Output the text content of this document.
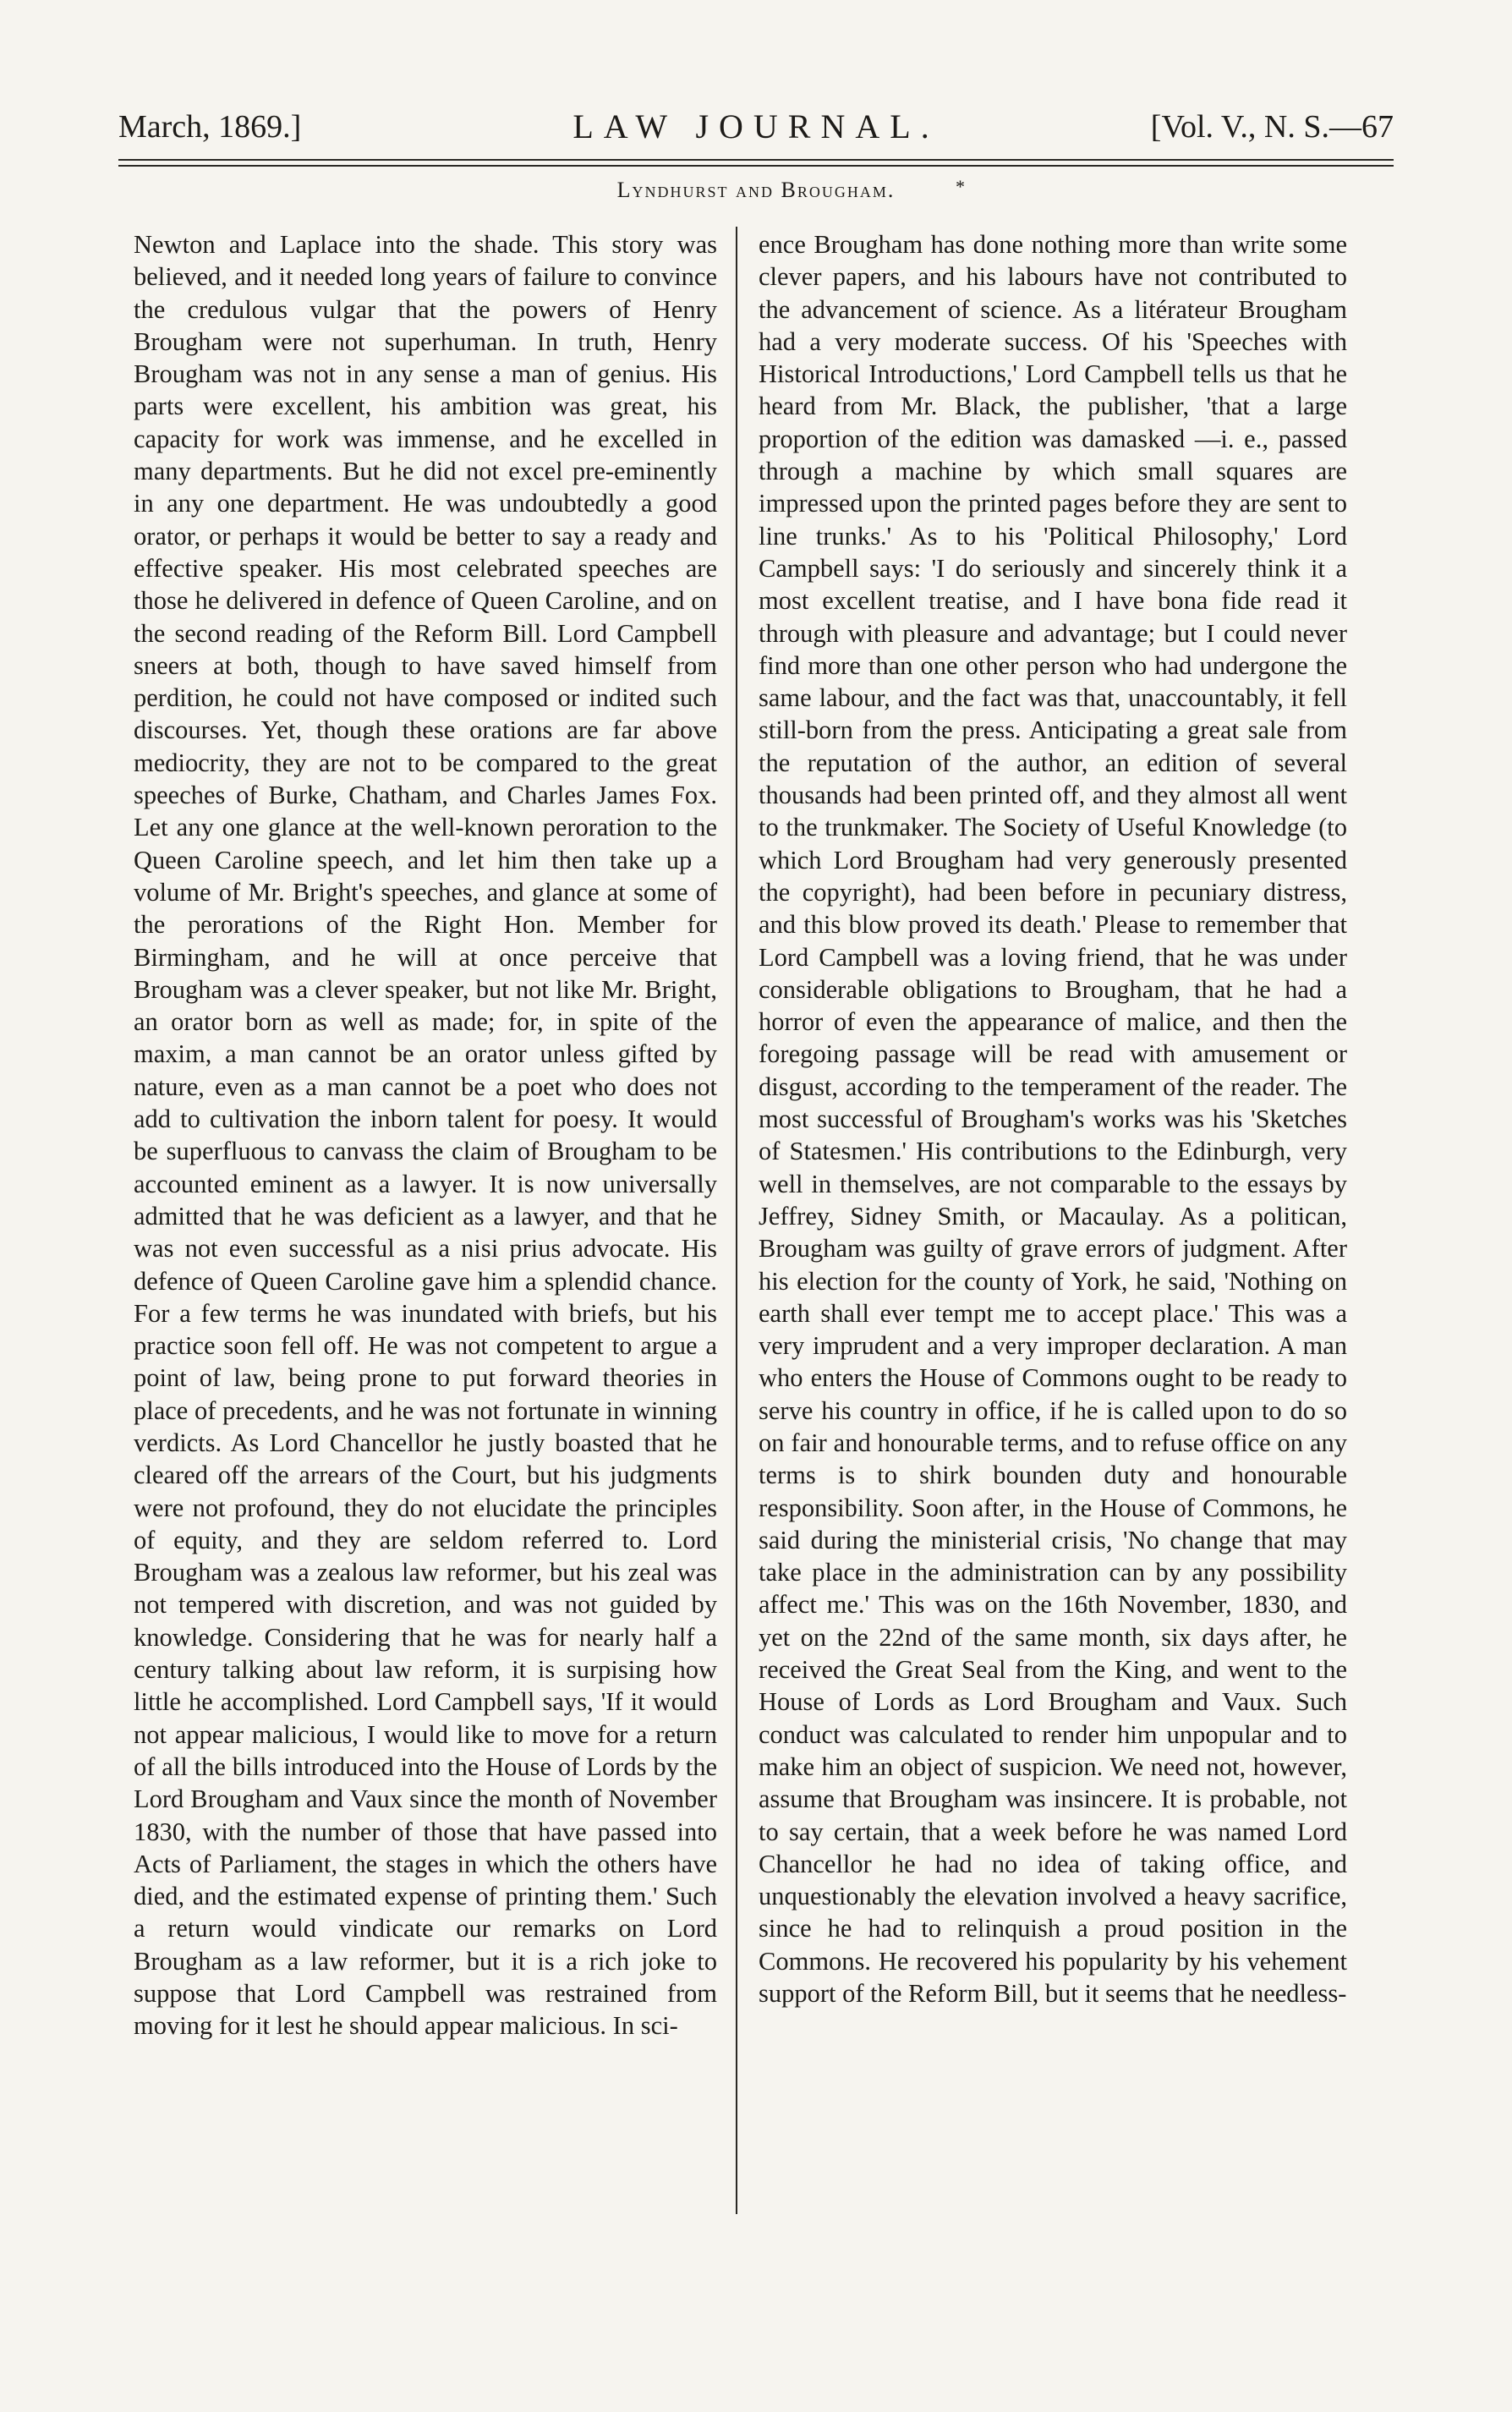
March, 1869.]	LAW JOURNAL.	[Vol. V., N. S.—67
Lyndhurst and Brougham.	*

Newton and Laplace into the shade. This story was believed, and it needed long years of failure to convince the credulous vulgar that the powers of Henry Brougham were not superhuman. In truth, Henry Brougham was not in any sense a man of genius. His parts were excellent, his ambition was great, his capacity for work was immense, and he excelled in many departments. But he did not excel pre-eminently in any one department. He was undoubtedly a good orator, or perhaps it would be better to say a ready and effective speaker. His most celebrated speeches are those he delivered in defence of Queen Caroline, and on the second reading of the Reform Bill. Lord Campbell sneers at both, though to have saved himself from perdition, he could not have composed or indited such discourses. Yet, though these orations are far above mediocrity, they are not to be compared to the great speeches of Burke, Chatham, and Charles James Fox. Let any one glance at the well-known peroration to the Queen Caroline speech, and let him then take up a volume of Mr. Bright's speeches, and glance at some of the perorations of the Right Hon. Member for Birmingham, and he will at once perceive that Brougham was a clever speaker, but not like Mr. Bright, an orator born as well as made; for, in spite of the maxim, a man cannot be an orator unless gifted by nature, even as a man cannot be a poet who does not add to cultivation the inborn talent for poesy. It would be superfluous to canvass the claim of Brougham to be accounted eminent as a lawyer. It is now universally admitted that he was deficient as a lawyer, and that he was not even successful as a nisi prius advocate. His defence of Queen Caroline gave him a splendid chance. For a few terms he was inundated with briefs, but his practice soon fell off. He was not competent to argue a point of law, being prone to put forward theories in place of precedents, and he was not fortunate in winning verdicts. As Lord Chancellor he justly boasted that he cleared off the arrears of the Court, but his judgments were not profound, they do not elucidate the principles of equity, and they are seldom referred to. Lord Brougham was a zealous law reformer, but his zeal was not tempered with discretion, and was not guided by knowledge. Considering that he was for nearly half a century talking about law reform, it is surpising how little he accomplished. Lord Campbell says, 'If it would not appear malicious, I would like to move for a return of all the bills introduced into the House of Lords by the Lord Brougham and Vaux since the month of November 1830, with the number of those that have passed into Acts of Parliament, the stages in which the others have died, and the estimated expense of printing them.' Such a return would vindicate our remarks on Lord Brougham as a law reformer, but it is a rich joke to suppose that Lord Campbell was restrained from moving for it lest he should appear malicious. In sci-

ence Brougham has done nothing more than write some clever papers, and his labours have not contributed to the advancement of science. As a litérateur Brougham had a very moderate success. Of his 'Speeches with Historical Introductions,' Lord Campbell tells us that he heard from Mr. Black, the publisher, 'that a large proportion of the edition was damasked —i. e., passed through a machine by which small squares are impressed upon the printed pages before they are sent to line trunks.' As to his 'Political Philosophy,' Lord Campbell says: 'I do seriously and sincerely think it a most excellent treatise, and I have bona fide read it through with pleasure and advantage; but I could never find more than one other person who had undergone the same labour, and the fact was that, unaccountably, it fell still-born from the press. Anticipating a great sale from the reputation of the author, an edition of several thousands had been printed off, and they almost all went to the trunkmaker. The Society of Useful Knowledge (to which Lord Brougham had very generously presented the copyright), had been before in pecuniary distress, and this blow proved its death.' Please to remember that Lord Campbell was a loving friend, that he was under considerable obligations to Brougham, that he had a horror of even the appearance of malice, and then the foregoing passage will be read with amusement or disgust, according to the temperament of the reader. The most successful of Brougham's works was his 'Sketches of Statesmen.' His contributions to the Edinburgh, very well in themselves, are not comparable to the essays by Jeffrey, Sidney Smith, or Macaulay. As a politican, Brougham was guilty of grave errors of judgment. After his election for the county of York, he said, 'Nothing on earth shall ever tempt me to accept place.' This was a very imprudent and a very improper declaration. A man who enters the House of Commons ought to be ready to serve his country in office, if he is called upon to do so on fair and honourable terms, and to refuse office on any terms is to shirk bounden duty and honourable responsibility. Soon after, in the House of Commons, he said during the ministerial crisis, 'No change that may take place in the administration can by any possibility affect me.' This was on the 16th November, 1830, and yet on the 22nd of the same month, six days after, he received the Great Seal from the King, and went to the House of Lords as Lord Brougham and Vaux. Such conduct was calculated to render him unpopular and to make him an object of suspicion. We need not, however, assume that Brougham was insincere. It is probable, not to say certain, that a week before he was named Lord Chancellor he had no idea of taking office, and unquestionably the elevation involved a heavy sacrifice, since he had to relinquish a proud position in the Commons. He recovered his popularity by his vehement support of the Reform Bill, but it seems that he needless-
